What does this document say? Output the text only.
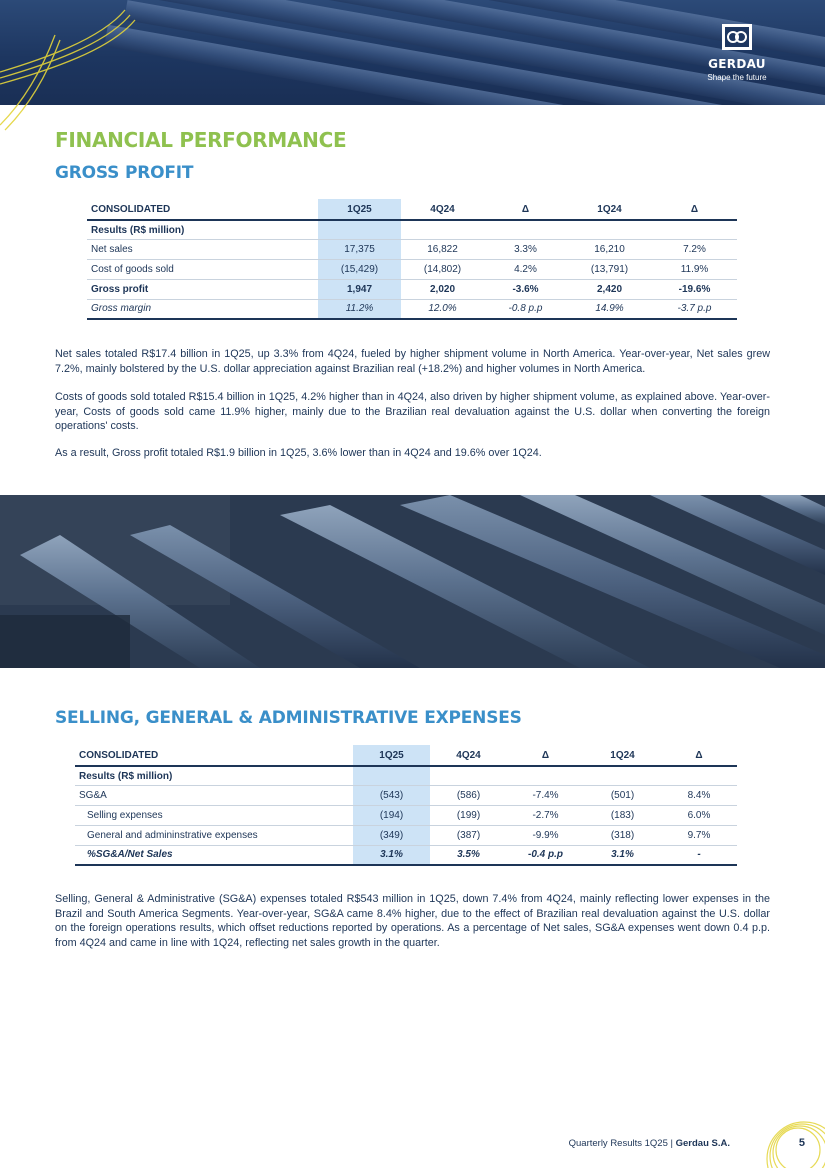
GERDAU
Shape the future
FINANCIAL PERFORMANCE
GROSS PROFIT
CONSOLIDATED	1Q25	4Q24	Δ	1Q24	Δ
Results (R$ million)					
Net sales	17,375	16,822	3.3%	16,210	7.2%
Cost of goods sold	(15,429)	(14,802)	4.2%	(13,791)	11.9%
Gross profit	1,947	2,020	-3.6%	2,420	-19.6%
Gross margin	11.2%	12.0%	-0.8 p.p	14.9%	-3.7 p.p

Net sales totaled R$17.4 billion in 1Q25, up 3.3% from 4Q24, fueled by higher shipment volume in North America. Year-over-year, Net sales grew 7.2%, mainly bolstered by the U.S. dollar appreciation against Brazilian real (+18.2%) and higher volumes in North America.

Costs of goods sold totaled R$15.4 billion in 1Q25, 4.2% higher than in 4Q24, also driven by higher shipment volume, as explained above. Year-over-year, Costs of goods sold came 11.9% higher, mainly due to the Brazilian real devaluation against the U.S. dollar when converting the foreign operations' costs.

As a result, Gross profit totaled R$1.9 billion in 1Q25, 3.6% lower than in 4Q24 and 19.6% over 1Q24.

SELLING, GENERAL & ADMINISTRATIVE EXPENSES
CONSOLIDATED	1Q25	4Q24	Δ	1Q24	Δ
Results (R$ million)					
SG&A	(543)	(586)	-7.4%	(501)	8.4%
Selling expenses	(194)	(199)	-2.7%	(183)	6.0%
General and admininstrative expenses	(349)	(387)	-9.9%	(318)	9.7%
%SG&A/Net Sales	3.1%	3.5%	-0.4 p.p	3.1%	-

Selling, General & Administrative (SG&A) expenses totaled R$543 million in 1Q25, down 7.4% from 4Q24, mainly reflecting lower expenses in the Brazil and South America Segments. Year-over-year, SG&A came 8.4% higher, due to the effect of Brazilian real devaluation against the U.S. dollar on the foreign operations results, which offset reductions reported by operations. As a percentage of Net sales, SG&A expenses went down 0.4 p.p. from 4Q24 and came in line with 1Q24, reflecting net sales growth in the quarter.

Quarterly Results 1Q25 | Gerdau S.A.	5
